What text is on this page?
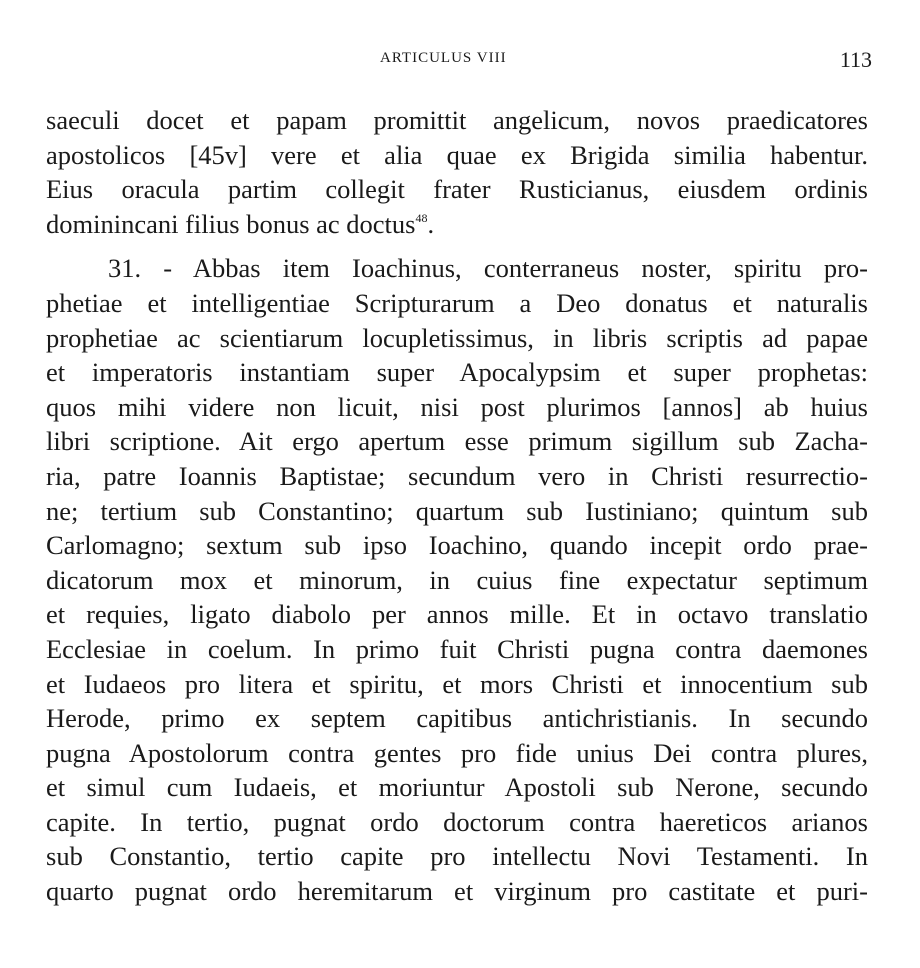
ARTICULUS VIII	113
saeculi docet et papam promittit angelicum, novos praedicatores
apostolicos [45v] vere et alia quae ex Brigida similia habentur.
Eius oracula partim collegit frater Rusticianus, eiusdem ordinis
dominincani filius bonus ac doctus$^{48}$.
31. - Abbas item Ioachinus, conterraneus noster, spiritu pro-
phetiae et intelligentiae Scripturarum a Deo donatus et naturalis
prophetiae ac scientiarum locupletissimus, in libris scriptis ad papae
et imperatoris instantiam super Apocalypsim et super prophetas:
quos mihi videre non licuit, nisi post plurimos [annos] ab huius
libri scriptione. Ait ergo apertum esse primum sigillum sub Zacha-
ria, patre Ioannis Baptistae; secundum vero in Christi resurrectio-
ne; tertium sub Constantino; quartum sub Iustiniano; quintum sub
Carlomagno; sextum sub ipso Ioachino, quando incepit ordo prae-
dicatorum mox et minorum, in cuius fine expectatur septimum
et requies, ligato diabolo per annos mille. Et in octavo translatio
Ecclesiae in coelum. In primo fuit Christi pugna contra daemones
et Iudaeos pro litera et spiritu, et mors Christi et innocentium sub
Herode, primo ex septem capitibus antichristianis. In secundo
pugna Apostolorum contra gentes pro fide unius Dei contra plures,
et simul cum Iudaeis, et moriuntur Apostoli sub Nerone, secundo
capite. In tertio, pugnat ordo doctorum contra haereticos arianos
sub Constantio, tertio capite pro intellectu Novi Testamenti. In
quarto pugnat ordo heremitarum et virginum pro castitate et puri-
